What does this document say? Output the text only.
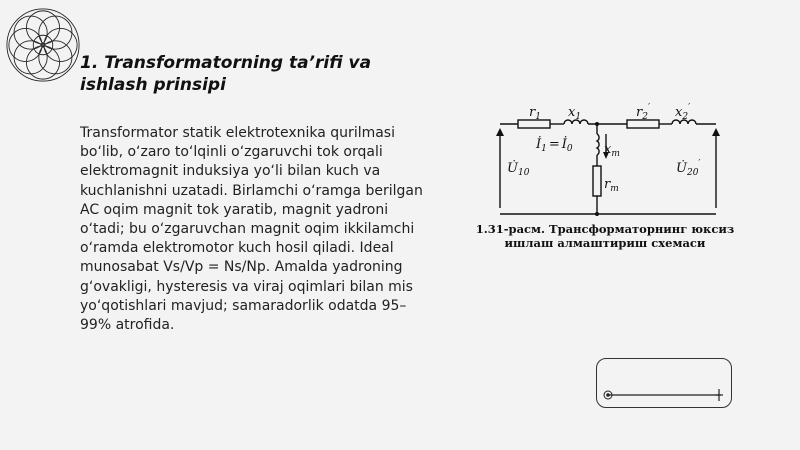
1. Transformatorning ta’rifi va ishlash prinsipi

Transformator statik elektrotexnika qurilmasi bo‘lib, o‘zaro to‘lqinli o‘zgaruvchi tok orqali elektromagnit induksiya yo‘li bilan kuch va kuchlanishni uzatadi. Birlamchi o‘ramga berilgan AC oqim magnit tok yaratib, magnit yadroni o‘tadi; bu o‘zgaruvchan magnit oqim ikkilamchi o‘ramda elektromotor kuch hosil qiladi. Ideal munosabat Vs/Vp = Ns/Np. Amalda yadroning g‘ovakligi, hysteresis va viraj oqimlari bilan mis yo‘qotishlari mavjud; samaradorlik odatda 95–99% atrofida.

$r_1$ $x_1$	$r_2'$ $x_2'$
$x_m$
$r_m$
$İ_1$ = $İ_0$
$U̇_{10}$	$U̇_{20}'$
1.31-расм. Трансформаторнинг юксиз
ишлаш алмаштириш схемаси
